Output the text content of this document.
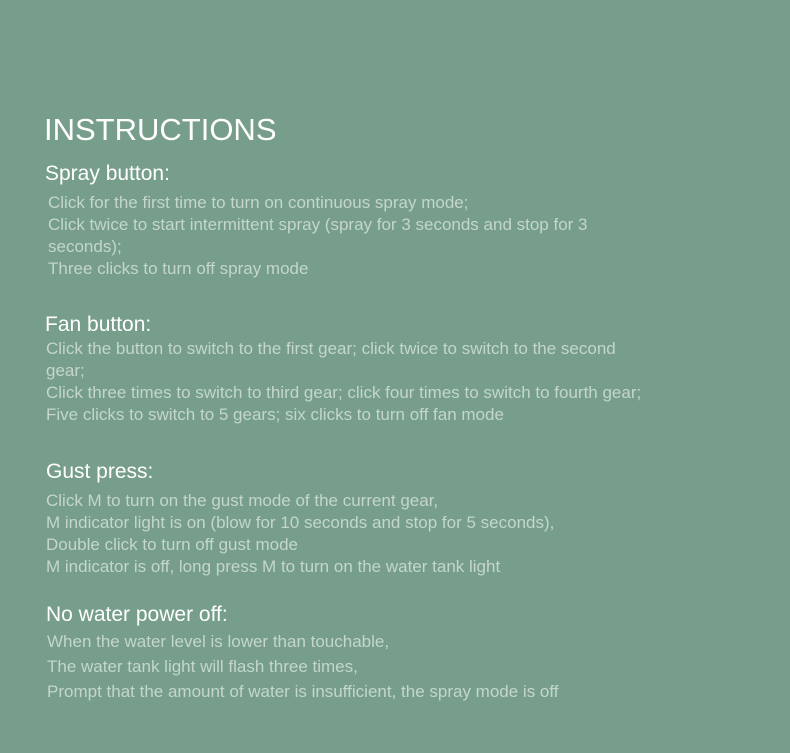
INSTRUCTIONS
Spray button:
Click for the first time to turn on continuous spray mode;
Click twice to start intermittent spray (spray for 3 seconds and stop for 3
seconds);
Three clicks to turn off spray mode
Fan button:
Click the button to switch to the first gear; click twice to switch to the second
gear;
Click three times to switch to third gear; click four times to switch to fourth gear;
Five clicks to switch to 5 gears; six clicks to turn off fan mode
Gust press:
Click M to turn on the gust mode of the current gear,
M indicator light is on (blow for 10 seconds and stop for 5 seconds),
Double click to turn off gust mode
M indicator is off, long press M to turn on the water tank light
No water power off:
When the water level is lower than touchable,
The water tank light will flash three times,
Prompt that the amount of water is insufficient, the spray mode is off
